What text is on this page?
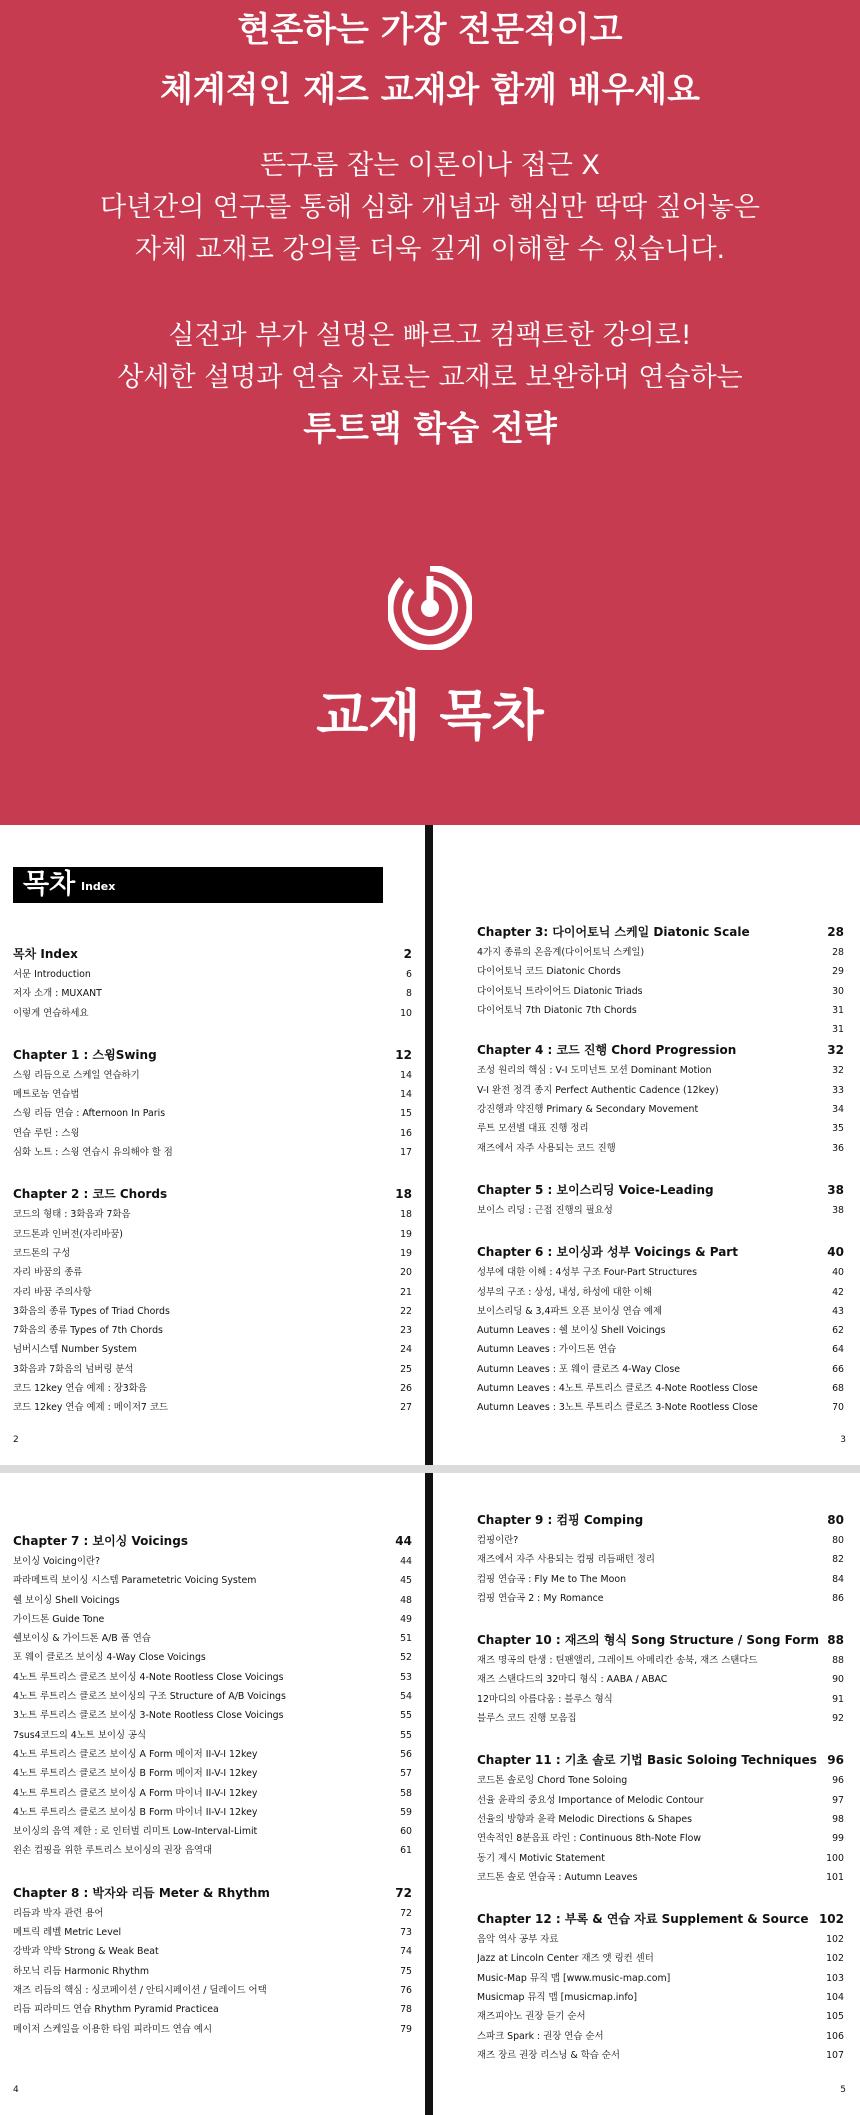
현존하는 가장 전문적이고
체계적인 재즈 교재와 함께 배우세요
뜬구름 잡는 이론이나 접근 X
다년간의 연구를 통해 심화 개념과 핵심만 딱딱 짚어놓은
자체 교재로 강의를 더욱 깊게 이해할 수 있습니다.
실전과 부가 설명은 빠르고 컴팩트한 강의로!
상세한 설명과 연습 자료는 교재로 보완하며 연습하는
투트랙 학습 전략
교재 목차
목차 Index
목차 Index	2
서문 Introduction	6
저자 소개 : MUXANT	8
이렇게 연습하세요	10
Chapter 1 : 스윙Swing	12
스윙 리듬으로 스케일 연습하기	14
메트로놈 연습법	14
스윙 리듬 연습 : Afternoon In Paris	15
연습 루틴 : 스윙	16
심화 노트 : 스윙 연습시 유의해야 할 점	17
Chapter 2 : 코드 Chords	18
코드의 형태 : 3화음과 7화음	18
코드톤과 인버전(자리바꿈)	19
코드톤의 구성	19
자리 바꿈의 종류	20
자리 바꿈 주의사항	21
3화음의 종류 Types of Triad Chords	22
7화음의 종류 Types of 7th Chords	23
넘버시스템 Number System	24
3화음과 7화음의 넘버링 분석	25
코드 12key 연습 예제 : 장3화음	26
코드 12key 연습 예제 : 메이저7 코드	27
2
Chapter 3: 다이어토닉 스케일 Diatonic Scale	28
4가지 종류의 온음계(다이어토닉 스케일)	28
다이어토닉 코드 Diatonic Chords	29
다이어토닉 트라이어드 Diatonic Triads	30
다이어토닉 7th Diatonic 7th Chords	31
31
Chapter 4 : 코드 진행 Chord Progression	32
조성 원리의 핵심 : V-I 도미넌트 모션 Dominant Motion	32
V-I 완전 정격 종지 Perfect Authentic Cadence (12key)	33
강진행과 약진행 Primary & Secondary Movement	34
루트 모션별 대표 진행 정리	35
재즈에서 자주 사용되는 코드 진행	36
Chapter 5 : 보이스리딩 Voice-Leading	38
보이스 리딩 : 근접 진행의 필요성	38
Chapter 6 : 보이싱과 성부 Voicings & Part	40
성부에 대한 이해 : 4성부 구조 Four-Part Structures	40
성부의 구조 : 상성, 내성, 하성에 대한 이해	42
보이스리딩 & 3,4파트 오픈 보이싱 연습 예제	43
Autumn Leaves : 쉘 보이싱 Shell Voicings	62
Autumn Leaves : 가이드톤 연습	64
Autumn Leaves : 포 웨이 클로즈 4-Way Close	66
Autumn Leaves : 4노트 루트리스 클로즈 4-Note Rootless Close	68
Autumn Leaves : 3노트 루트리스 클로즈 3-Note Rootless Close	70
3
Chapter 7 : 보이싱 Voicings	44
보이싱 Voicing이란?	44
파라메트릭 보이싱 시스템 Parametetric Voicing System	45
쉘 보이싱 Shell Voicings	48
가이드톤 Guide Tone	49
쉘보이싱 & 가이드톤 A/B 폼 연습	51
포 웨이 클로즈 보이싱 4-Way Close Voicings	52
4노트 루트리스 클로즈 보이싱 4-Note Rootless Close Voicings	53
4노트 루트리스 클로즈 보이싱의 구조 Structure of A/B Voicings	54
3노트 루트리스 클로즈 보이싱 3-Note Rootless Close Voicings	55
7sus4코드의 4노트 보이싱 공식	55
4노트 루트리스 클로즈 보이싱 A Form 메이저 II-V-I 12key	56
4노트 루트리스 클로즈 보이싱 B Form 메이저 II-V-I 12key	57
4노트 루트리스 클로즈 보이싱 A Form 마이너 II-V-I 12key	58
4노트 루트리스 클로즈 보이싱 B Form 마이너 II-V-I 12key	59
보이싱의 음역 제한 : 로 인터벌 리미트 Low-Interval-Limit	60
왼손 컴핑을 위한 루트리스 보이싱의 권장 음역대	61
Chapter 8 : 박자와 리듬 Meter & Rhythm	72
리듬과 박자 관련 용어	72
메트릭 레벨 Metric Level	73
강박과 약박 Strong & Weak Beat	74
하모닉 리듬 Harmonic Rhythm	75
재즈 리듬의 핵심 : 싱코페이션 / 안티시페이션 / 딜레이드 어택	76
리듬 피라미드 연습 Rhythm Pyramid Practicea	78
메이저 스케일을 이용한 타임 피라미드 연습 예시	79
4
Chapter 9 : 컴핑 Comping	80
컴핑이란?	80
재즈에서 자주 사용되는 컴핑 리듬패턴 정리	82
컴핑 연습곡 : Fly Me to The Moon	84
컴핑 연습곡 2 : My Romance	86
Chapter 10 : 재즈의 형식 Song Structure / Song Form 88
재즈 명곡의 탄생 : 틴팬앨리, 그레이트 아메리칸 송북, 재즈 스탠다드	88
재즈 스탠다드의 32마디 형식 : AABA / ABAC	90
12마디의 아름다움 : 블루스 형식	91
블루스 코드 진행 모음집	92
Chapter 11 : 기초 솔로 기법 Basic Soloing Techniques 96
코드톤 솔로잉 Chord Tone Soloing	96
선율 윤곽의 중요성 Importance of Melodic Contour	97
선율의 방향과 윤곽 Melodic Directions & Shapes	98
연속적인 8분음표 라인 : Continuous 8th-Note Flow	99
동기 제시 Motivic Statement	100
코드톤 솔로 연습곡 : Autumn Leaves	101
Chapter 12 : 부록 & 연습 자료 Supplement & Source 102
음악 역사 공부 자료	102
Jazz at Lincoln Center 재즈 앳 링컨 센터	102
Music-Map 뮤직 맵 [www.music-map.com]	103
Musicmap 뮤직 맵 [musicmap.info]	104
재즈피아노 권장 듣기 순서	105
스파크 Spark : 권장 연습 순서	106
재즈 장르 권장 리스닝 & 학습 순서	107
5
